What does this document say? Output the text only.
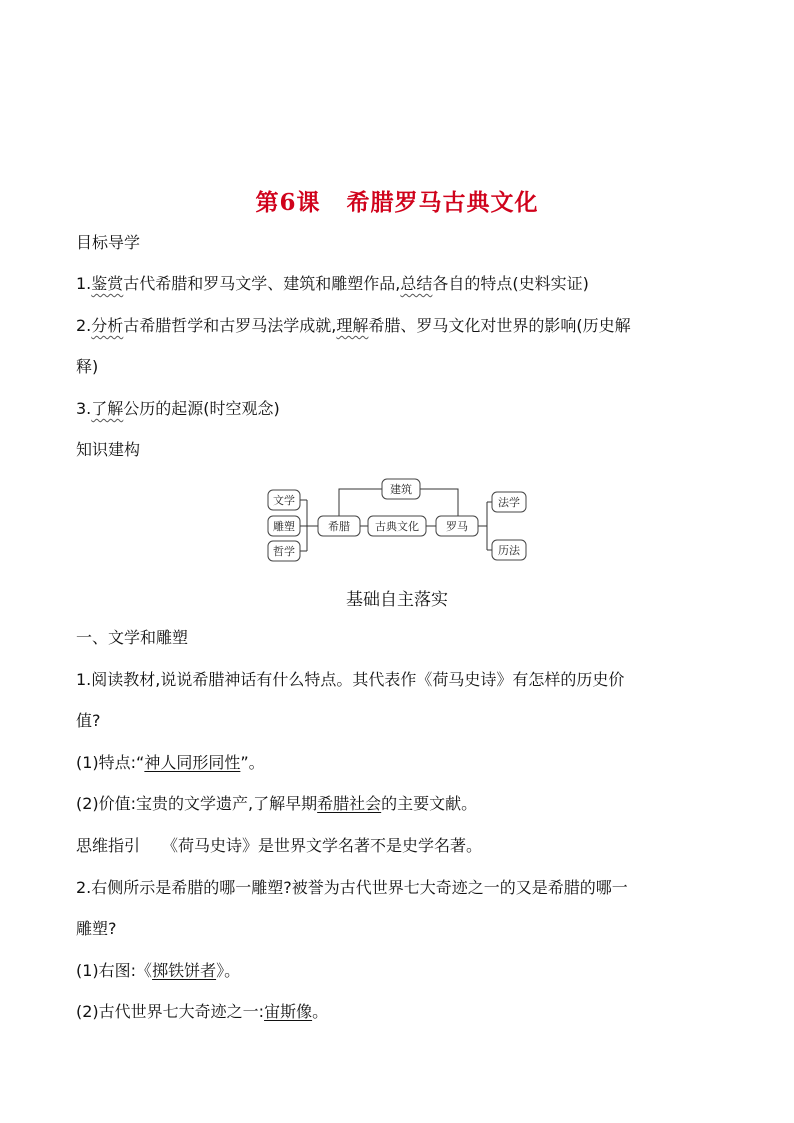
第6课 希腊罗马古典文化
目标导学
1.鉴赏古代希腊和罗马文学、建筑和雕塑作品,总结各自的特点(史料实证)
2.分析古希腊哲学和古罗马法学成就,理解希腊、罗马文化对世界的影响(历史解
释)
3.了解公历的起源(时空观念)
知识建构
文学
雕塑
哲学
希腊 古典文化
建筑
罗马
法学
历法
基础自主落实
一、文学和雕塑
1.阅读教材,说说希腊神话有什么特点。其代表作《荷马史诗》有怎样的历史价
值?
(1)特点:“神人同形同性”。
(2)价值:宝贵的文学遗产,了解早期希腊社会的主要文献。
思维指引 《荷马史诗》是世界文学名著不是史学名著。
2.右侧所示是希腊的哪一雕塑?被誉为古代世界七大奇迹之一的又是希腊的哪一
雕塑?
(1)右图:《掷铁饼者》。
(2)古代世界七大奇迹之一:宙斯像。
